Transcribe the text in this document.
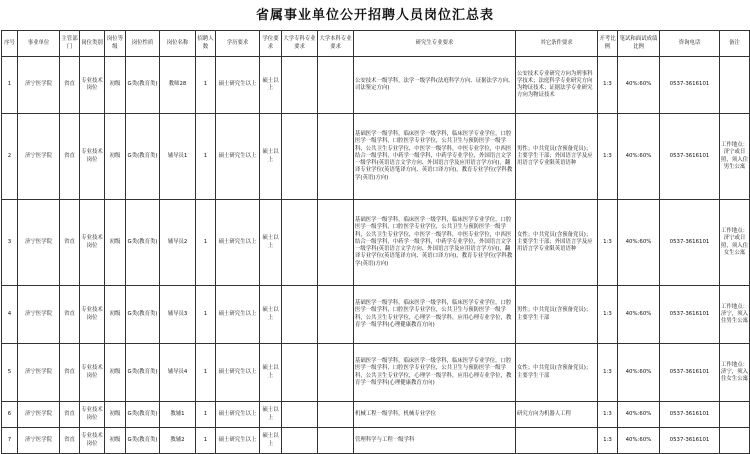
省属事业单位公开招聘人员岗位汇总表
序号	事业单位	主管部门	岗位类别	岗位等级	岗位性质	岗位名称	招聘人数	学历要求	学位要求	大学专科专业要求	大学本科专业要求	研究生专业要求	其它条件要求	开考比例	笔试和面试成绩比例	咨询电话	备注
1	济宁医学院	省直	专业技术岗位	初级	G类(教育类)	教师28	1	硕士研究生以上	硕士以上			公安技术一级学科，法学一级学科(法庭科学方向、证据法学方向、司法鉴定方向)	公安技术专业研究方向为刑事科学技术；法庭科学专业研究方向为物证技术；证据法学专业研究方向为物证技术	1:3	40%:60%	0537-3616101	
2	济宁医学院	省直	专业技术岗位	初级	G类(教育类)	辅导员1	1	硕士研究生以上	硕士以上			基础医学一级学科，临床医学一级学科，临床医学专业学位，口腔医学一级学科，口腔医学专业学位，公共卫生与预防医学一级学科，公共卫生专业学位，中医学一级学科，中医专业学位，中西医结合一级学科，中药学一级学科，中药学专业学位，外国语言文学一级学科(英语语言文学方向、外国语言学及应用语言学方向)，翻译专业学位(英语笔译方向、英语口译方向)，教育专业学位(学科教学(英语)方向)	男性；中共党员(含预备党员)；主要学生干部；外国语言学及应用语言学专业限英语语种	1:3	40%:60%	0537-3616101	工作地点：济宁或日照，须入住男生公寓
3	济宁医学院	省直	专业技术岗位	初级	G类(教育类)	辅导员2	1	硕士研究生以上	硕士以上			基础医学一级学科，临床医学一级学科，临床医学专业学位，口腔医学一级学科，口腔医学专业学位，公共卫生与预防医学一级学科，公共卫生专业学位，中医学一级学科，中医专业学位，中西医结合一级学科，中药学一级学科，中药学专业学位，外国语言文学一级学科(英语语言文学方向、外国语言学及应用语言学方向)，翻译专业学位(英语笔译方向、英语口译方向)，教育专业学位(学科教学(英语)方向)	女性；中共党员(含预备党员)；主要学生干部；外国语言学及应用语言学专业限英语语种	1:3	40%:60%	0537-3616101	工作地点：济宁或日照，须入住女生公寓
4	济宁医学院	省直	专业技术岗位	初级	G类(教育类)	辅导员3	1	硕士研究生以上	硕士以上			基础医学一级学科，临床医学一级学科，临床医学专业学位，口腔医学一级学科，口腔医学专业学位，公共卫生与预防医学一级学科，公共卫生专业学位，心理学一级学科，应用心理专业学位，教育学一级学科(心理健康教育方向)	男性；中共党员(含预备党员)；主要学生干部	1:3	40%:60%	0537-3616101	工作地点：济宁，须入住男生公寓
5	济宁医学院	省直	专业技术岗位	初级	G类(教育类)	辅导员4	1	硕士研究生以上	硕士以上			基础医学一级学科，临床医学一级学科，临床医学专业学位，口腔医学一级学科，口腔医学专业学位，公共卫生与预防医学一级学科，公共卫生专业学位，心理学一级学科，应用心理专业学位，教育学一级学科(心理健康教育方向)	女性；中共党员(含预备党员)；主要学生干部	1:3	40%:60%	0537-3616101	工作地点：济宁，须入住女生公寓
6	济宁医学院	省直	专业技术岗位	初级	G类(教育类)	教辅1	1	硕士研究生以上	硕士以上			机械工程一级学科，机械专业学位	研究方向为机器人工程	1:3	40%:60%	0537-3616101	
7	济宁医学院	省直	专业技术岗位	初级	G类(教育类)	教辅2	1	硕士研究生以上	硕士以上			管理科学与工程一级学科		1:3	40%:60%	0537-3616101	
